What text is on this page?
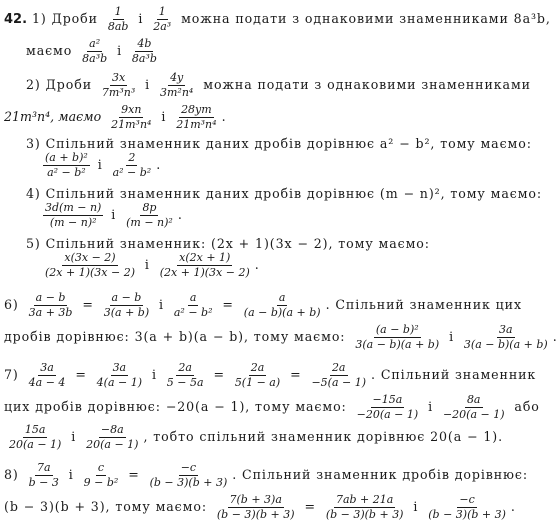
42. 1) Дроби $\frac{1}{8ab}$ і $\frac{1}{\text{2a³}}$ можна подати з однаковими знаменниками 8a³b,
маємо $\frac{\text{a²}}{\text{8a³b}}$ і $\frac{4b}{\text{8a³b}}$
2) Дроби $\frac{3x}{\text{7m³n³}}$ і $\frac{4y}{\text{3m²n⁴}}$ можна подати з однаковими знаменниками
21m³n⁴, маємо $\frac{9xn}{\text{21m³n⁴}}$ і $\frac{28ym}{\text{21m³n⁴}}$ .
3) Спільний знаменник даних дробів дорівнює a² − b², тому маємо:
$\frac{\text{(a + b)²}}{\text{a² − b²}}$ і $\frac{2}{\text{a² − b²}}$ .
4) Спільний знаменник даних дробів дорівнює (m − n)², тому маємо:
$\frac{3d(m - n)}{\text{(m − n)²}}$ і $\frac{8p}{\text{(m − n)²}}$ .
5) Спільний знаменник: (2x + 1)(3x − 2), тому маємо:
$\frac{x(3x - 2)}{(2x + 1)(3x - 2)}$ і $\frac{x(2x + 1)}{(2x + 1)(3x - 2)}$ .
$6) \frac{a - b}{3a + 3b} = \frac{a - b}{3(a + b)}$ і $\frac{a}{\text{a² − b²}} = \frac{a}{(a - b)(a + b)}$ . Спільний знаменник цих
дробів дорівнює: 3(a + b)(a − b), тому маємо: $\frac{\text{(a − b)²}}{3(a - b)(a + b)}$ і $\frac{3a}{3(a - b)(a + b)}$ .
$7) \frac{3a}{4a - 4} = \frac{3a}{4(a - 1)}$ і $\frac{2a}{5 - 5a} = \frac{2a}{5(1 - a)} = \frac{2a}{-5(a - 1)}$ . Спільний знаменник
цих дробів дорівнює: −20(a − 1), тому маємо: $\frac{-15a}{-20(a - 1)}$ і $\frac{8a}{-20(a - 1)}$ або
$\frac{15a}{20(a - 1)}$ і $\frac{-8a}{20(a - 1)}$ , тобто спільний знаменник дорівнює 20(a − 1).
$8) \frac{7a}{b - 3}$ і $\frac{c}{\text{9 − b²}} = \frac{-c}{(b - 3)(b + 3)}$ . Спільний знаменник дробів дорівнює:
(b − 3)(b + 3), тому маємо: $\frac{7(b + 3)a}{(b - 3)(b + 3)} = \frac{7ab + 21a}{(b - 3)(b + 3)}$ і $\frac{-c}{(b - 3)(b + 3)}$ .
